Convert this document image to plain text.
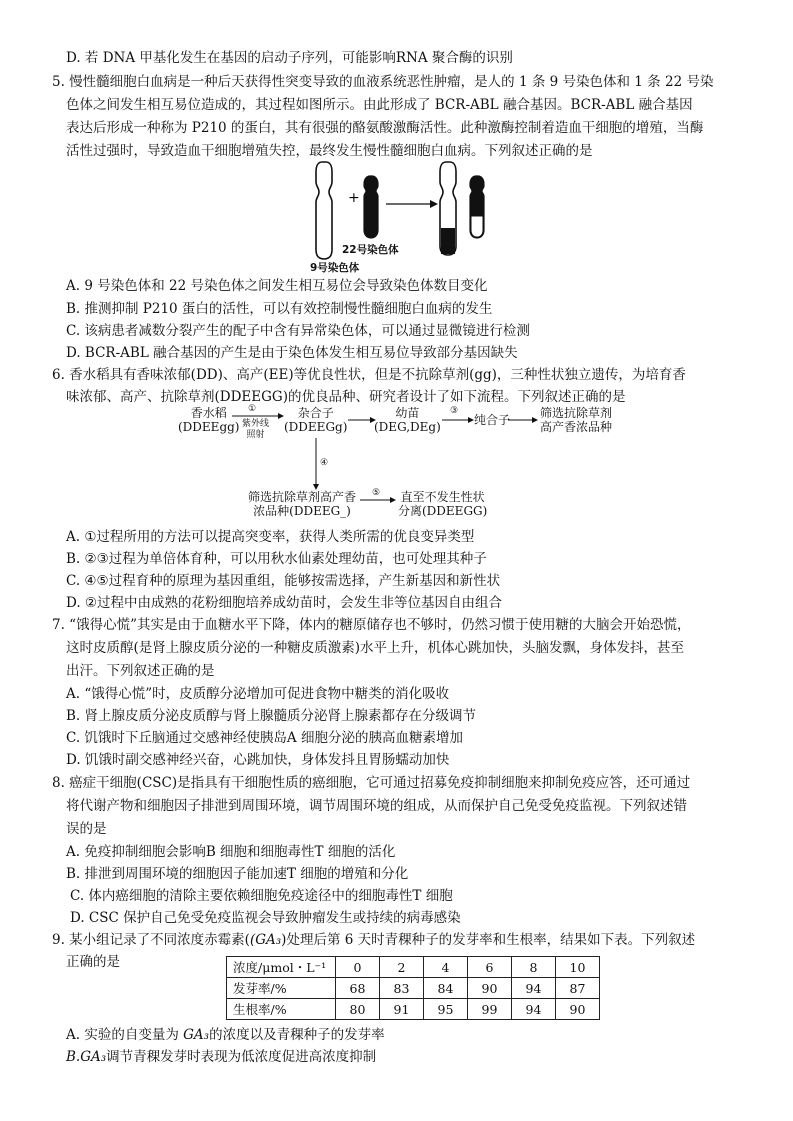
D. 若 DNA 甲基化发生在基因的启动子序列，可能影响RNA 聚合酶的识别
5. 慢性髓细胞白血病是一种后天获得性突变导致的血液系统恶性肿瘤，是人的 1 条 9 号染色体和 1 条 22 号染
色体之间发生相互易位造成的，其过程如图所示。由此形成了 BCR-ABL 融合基因。BCR-ABL 融合基因
表达后形成一种称为 P210 的蛋白，其有很强的酪氨酸激酶活性。此种激酶控制着造血干细胞的增殖，当酶
活性过强时，导致造血干细胞增殖失控，最终发生慢性髓细胞白血病。下列叙述正确的是
+
22号染色体
9号染色体
A. 9 号染色体和 22 号染色体之间发生相互易位会导致染色体数目变化
B. 推测抑制 P210 蛋白的活性，可以有效控制慢性髓细胞白血病的发生
C. 该病患者减数分裂产生的配子中含有异常染色体，可以通过显微镜进行检测
D. BCR-ABL 融合基因的产生是由于染色体发生相互易位导致部分基因缺失
6. 香水稻具有香味浓郁(DD)、高产(EE)等优良性状，但是不抗除草剂(gg)，三种性状独立遗传，为培育香
味浓郁、高产、抗除草剂(DDEEGG)的优良品种、研究者设计了如下流程。下列叙述正确的是
香水稻
(DDEEgg)
①
紫外线
照射
杂合子
(DDEEGg)
幼苗
(DEG,DEg)
③
纯合子 筛选抗除草剂
高产香浓品种
④
筛选抗除草剂高产香
浓品种(DDEEG_)
⑤ 直至不发生性状
分离(DDEEGG)
A. ①过程所用的方法可以提高突变率，获得人类所需的优良变异类型
B. ②③过程为单倍体育种，可以用秋水仙素处理幼苗，也可处理其种子
C. ④⑤过程育种的原理为基因重组，能够按需选择，产生新基因和新性状
D. ②过程中由成熟的花粉细胞培养成幼苗时，会发生非等位基因自由组合
7. “饿得心慌”其实是由于血糖水平下降，体内的糖原储存也不够时，仍然习惯于使用糖的大脑会开始恐慌，
这时皮质醇(是肾上腺皮质分泌的一种糖皮质激素)水平上升，机体心跳加快，头脑发飘，身体发抖，甚至
出汗。下列叙述正确的是
A. “饿得心慌”时，皮质醇分泌增加可促进食物中糖类的消化吸收
B. 肾上腺皮质分泌皮质醇与肾上腺髓质分泌肾上腺素都存在分级调节
C. 饥饿时下丘脑通过交感神经使胰岛A 细胞分泌的胰高血糖素增加
D. 饥饿时副交感神经兴奋，心跳加快，身体发抖且胃肠蠕动加快
8. 癌症干细胞(CSC)是指具有干细胞性质的癌细胞，它可通过招募免疫抑制细胞来抑制免疫应答，还可通过
将代谢产物和细胞因子排泄到周围环境，调节周围环境的组成，从而保护自己免受免疫监视。下列叙述错
误的是
A. 免疫抑制细胞会影响B 细胞和细胞毒性T 细胞的活化
B. 排泄到周围环境的细胞因子能加速T 细胞的增殖和分化
C. 体内癌细胞的清除主要依赖细胞免疫途径中的细胞毒性T 细胞
D. CSC 保护自己免受免疫监视会导致肿瘤发生或持续的病毒感染
9. 某小组记录了不同浓度赤霉素((GA₃)处理后第 6 天时青稞种子的发芽率和生根率，结果如下表。下列叙述
正确的是	浓度/μmol・L⁻¹	0	2	4	6	8	10
发芽率/%	68	83	84	90	94	87
生根率/%	80	91	95	99	94	90
A. 实验的自变量为 GA₃的浓度以及青稞种子的发芽率
B.GA₃调节青稞发芽时表现为低浓度促进高浓度抑制
